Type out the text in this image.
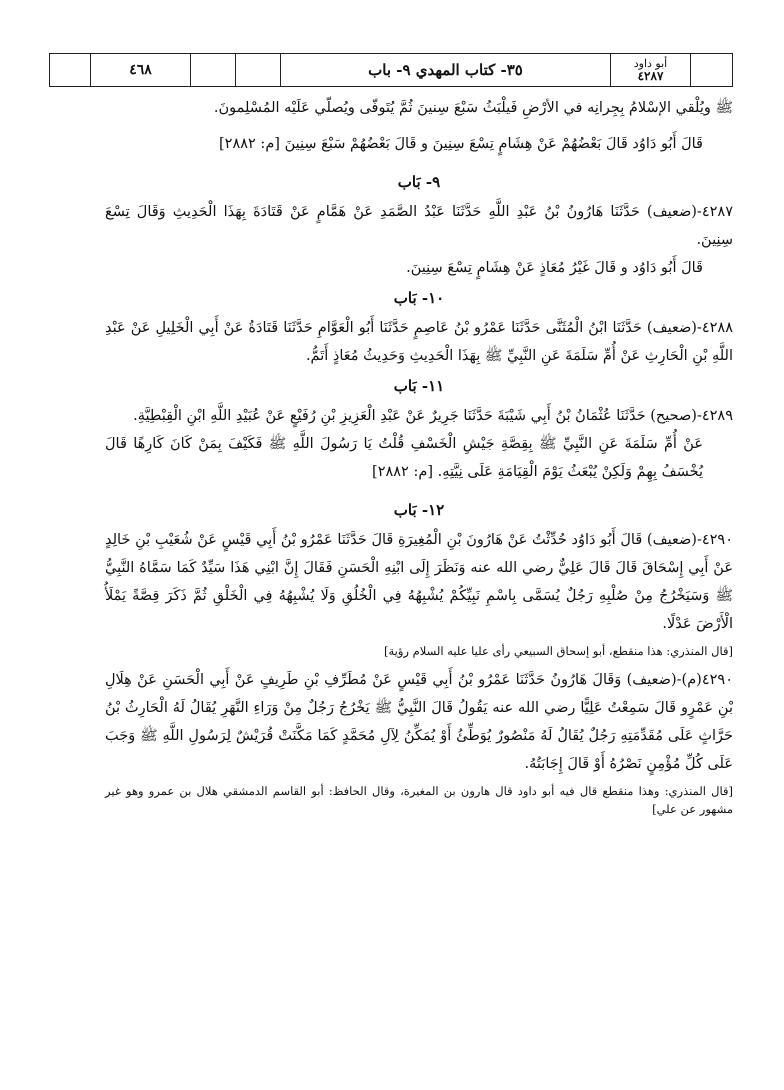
٤٦٨	٣٥- كتاب المهدي ٩- باب	أبو داود
٤٢٨٧

ﷺ ويُلْقي الإسْلامُ بِجِرانِه في الأرْضِ فَيلْبَثُ سَبْعَ سِنينَ ثُمَّ يُتَوفّى ويُصلّي عَلَيْه المُسْلِمونَ.

قَالَ أَبُو دَاوُد قَالَ بَعْضُهُمْ عَنْ هِشَامٍ تِسْعَ سِنِينَ و قَالَ بَعْضُهُمْ سَبْعَ سِنِينَ [م: ٢٨٨٢]

٩- بَاب

٤٢٨٧-(ضعيف) حَدَّثَنَا هَارُونُ بْنُ عَبْدِ اللَّهِ حَدَّثَنَا عَبْدُ الصَّمَدِ عَنْ هَمَّامٍ عَنْ قَتَادَةَ بِهَذَا الْحَدِيثِ وَقَالَ تِسْعَ سِنِينَ.

قَالَ أَبُو دَاوُد و قَالَ غَيْرُ مُعَاذٍ عَنْ هِشَامٍ تِسْعَ سِنِينَ.

١٠- بَاب

٤٢٨٨-(ضعيف) حَدَّثَنَا ابْنُ الْمُثَنَّى حَدَّثَنَا عَمْرُو بْنُ عَاصِمٍ حَدَّثَنَا أَبُو الْعَوَّامِ حَدَّثَنَا قَتَادَةُ عَنْ أَبِي الْخَلِيلِ عَنْ عَبْدِ اللَّهِ بْنِ الْحَارِثِ عَنْ أُمِّ سَلَمَةَ عَنِ النَّبِيِّ ﷺ بِهَذَا الْحَدِيثِ وَحَدِيثُ مُعَاذٍ أَتَمُّ.

١١- بَاب

٤٢٨٩-(صحيح) حَدَّثَنَا عُثْمَانُ بْنُ أَبِي شَيْبَةَ حَدَّثَنَا جَرِيرٌ عَنْ عَبْدِ الْعَزِيزِ بْنِ رُفَيْعٍ عَنْ عُبَيْدِ اللَّهِ ابْنِ الْقِبْطِيَّةِ.

عَنْ أُمِّ سَلَمَةَ عَنِ النَّبِيِّ ﷺ بِقِصَّةِ جَيْشِ الْخَسْفِ قُلْتُ يَا رَسُولَ اللَّهِ ﷺ فَكَيْفَ بِمَنْ كَانَ كَارِهًا قَالَ يُخْسَفُ بِهِمْ وَلَكِنْ يُبْعَثُ يَوْمَ الْقِيَامَةِ عَلَى نِيَّتِهِ. [م: ٢٨٨٢]

١٢- بَاب

٤٢٩٠-(ضعيف) قَالَ أَبُو دَاوُد حُدِّثْتُ عَنْ هَارُونَ بْنِ الْمُغِيرَةِ قَالَ حَدَّثَنَا عَمْرُو بْنُ أَبِي قَيْسٍ عَنْ شُعَيْبِ بْنِ خَالِدٍ عَنْ أَبِي إِسْحَاقَ قَالَ قَالَ عَلِيٌّ رضي الله عنه وَنَظَرَ إِلَى ابْنِهِ الْحَسَنِ فَقَالَ إِنَّ ابْنِي هَذَا سَيِّدٌ كَمَا سَمَّاهُ النَّبِيُّ ﷺ وَسَيَخْرُجُ مِنْ صُلْبِهِ رَجُلٌ يُسَمَّى بِاسْمِ نَبِيِّكُمْ يُشْبِهُهُ فِي الْخُلُقِ وَلَا يُشْبِهُهُ فِي الْخَلْقِ ثُمَّ ذَكَرَ قِصَّةً يَمْلَأُ الْأَرْضَ عَدْلًا.

[قال المنذري: هذا منقطع، أبو إسحاق السبيعي رأى عليا عليه السلام رؤية]

٤٢٩٠(م)-(ضعيف) وَقَالَ هَارُونُ حَدَّثَنَا عَمْرُو بْنُ أَبِي قَيْسٍ عَنْ مُطَرِّفِ بْنِ طَرِيفٍ عَنْ أَبِي الْحَسَنِ عَنْ هِلَالِ بْنِ عَمْرٍو قَالَ سَمِعْتُ عَلِيًّا رضي الله عنه يَقُولُ قَالَ النَّبِيُّ ﷺ يَخْرُجُ رَجُلٌ مِنْ وَرَاءِ النَّهَرِ يُقَالُ لَهُ الْحَارِثُ بْنُ حَرَّاثٍ عَلَى مُقَدِّمَتِهِ رَجُلٌ يُقَالُ لَهُ مَنْصُورٌ يُوَطِّئُ أَوْ يُمَكِّنُ لِآلِ مُحَمَّدٍ كَمَا مَكَّنَتْ قُرَيْشٌ لِرَسُولِ اللَّهِ ﷺ وَجَبَ عَلَى كُلِّ مُؤْمِنٍ نَصْرُهُ أَوْ قَالَ إِجَابَتُهُ.

[قال المنذري: وهذا منقطع قال فيه أبو داود قال هارون بن المغيرة، وقال الحافظ: أبو القاسم الدمشقي هلال بن عمرو وهو غير مشهور عن علي]
